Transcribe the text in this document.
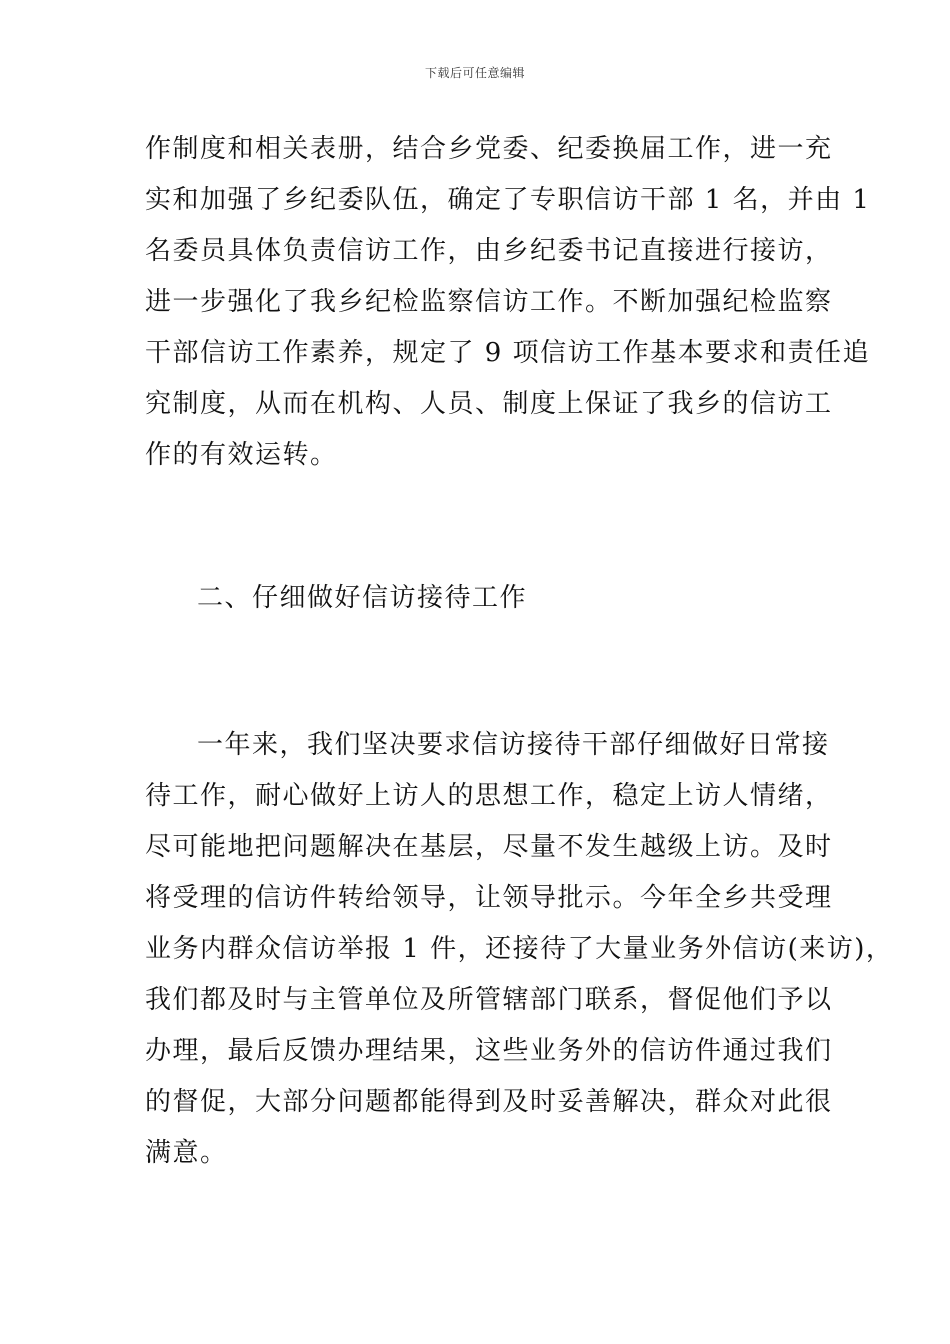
下载后可任意编辑
作制度和相关表册，结合乡党委、纪委换届工作，进一充
实和加强了乡纪委队伍，确定了专职信访干部 1 名，并由 1
名委员具体负责信访工作，由乡纪委书记直接进行接访，
进一步强化了我乡纪检监察信访工作。不断加强纪检监察
干部信访工作素养，规定了 9 项信访工作基本要求和责任追
究制度，从而在机构、人员、制度上保证了我乡的信访工
作的有效运转。
二、仔细做好信访接待工作
一年来，我们坚决要求信访接待干部仔细做好日常接
待工作，耐心做好上访人的思想工作，稳定上访人情绪，
尽可能地把问题解决在基层，尽量不发生越级上访。及时
将受理的信访件转给领导，让领导批示。今年全乡共受理
业务内群众信访举报 1 件，还接待了大量业务外信访(来访)，
我们都及时与主管单位及所管辖部门联系，督促他们予以
办理，最后反馈办理结果，这些业务外的信访件通过我们
的督促，大部分问题都能得到及时妥善解决，群众对此很
满意。
